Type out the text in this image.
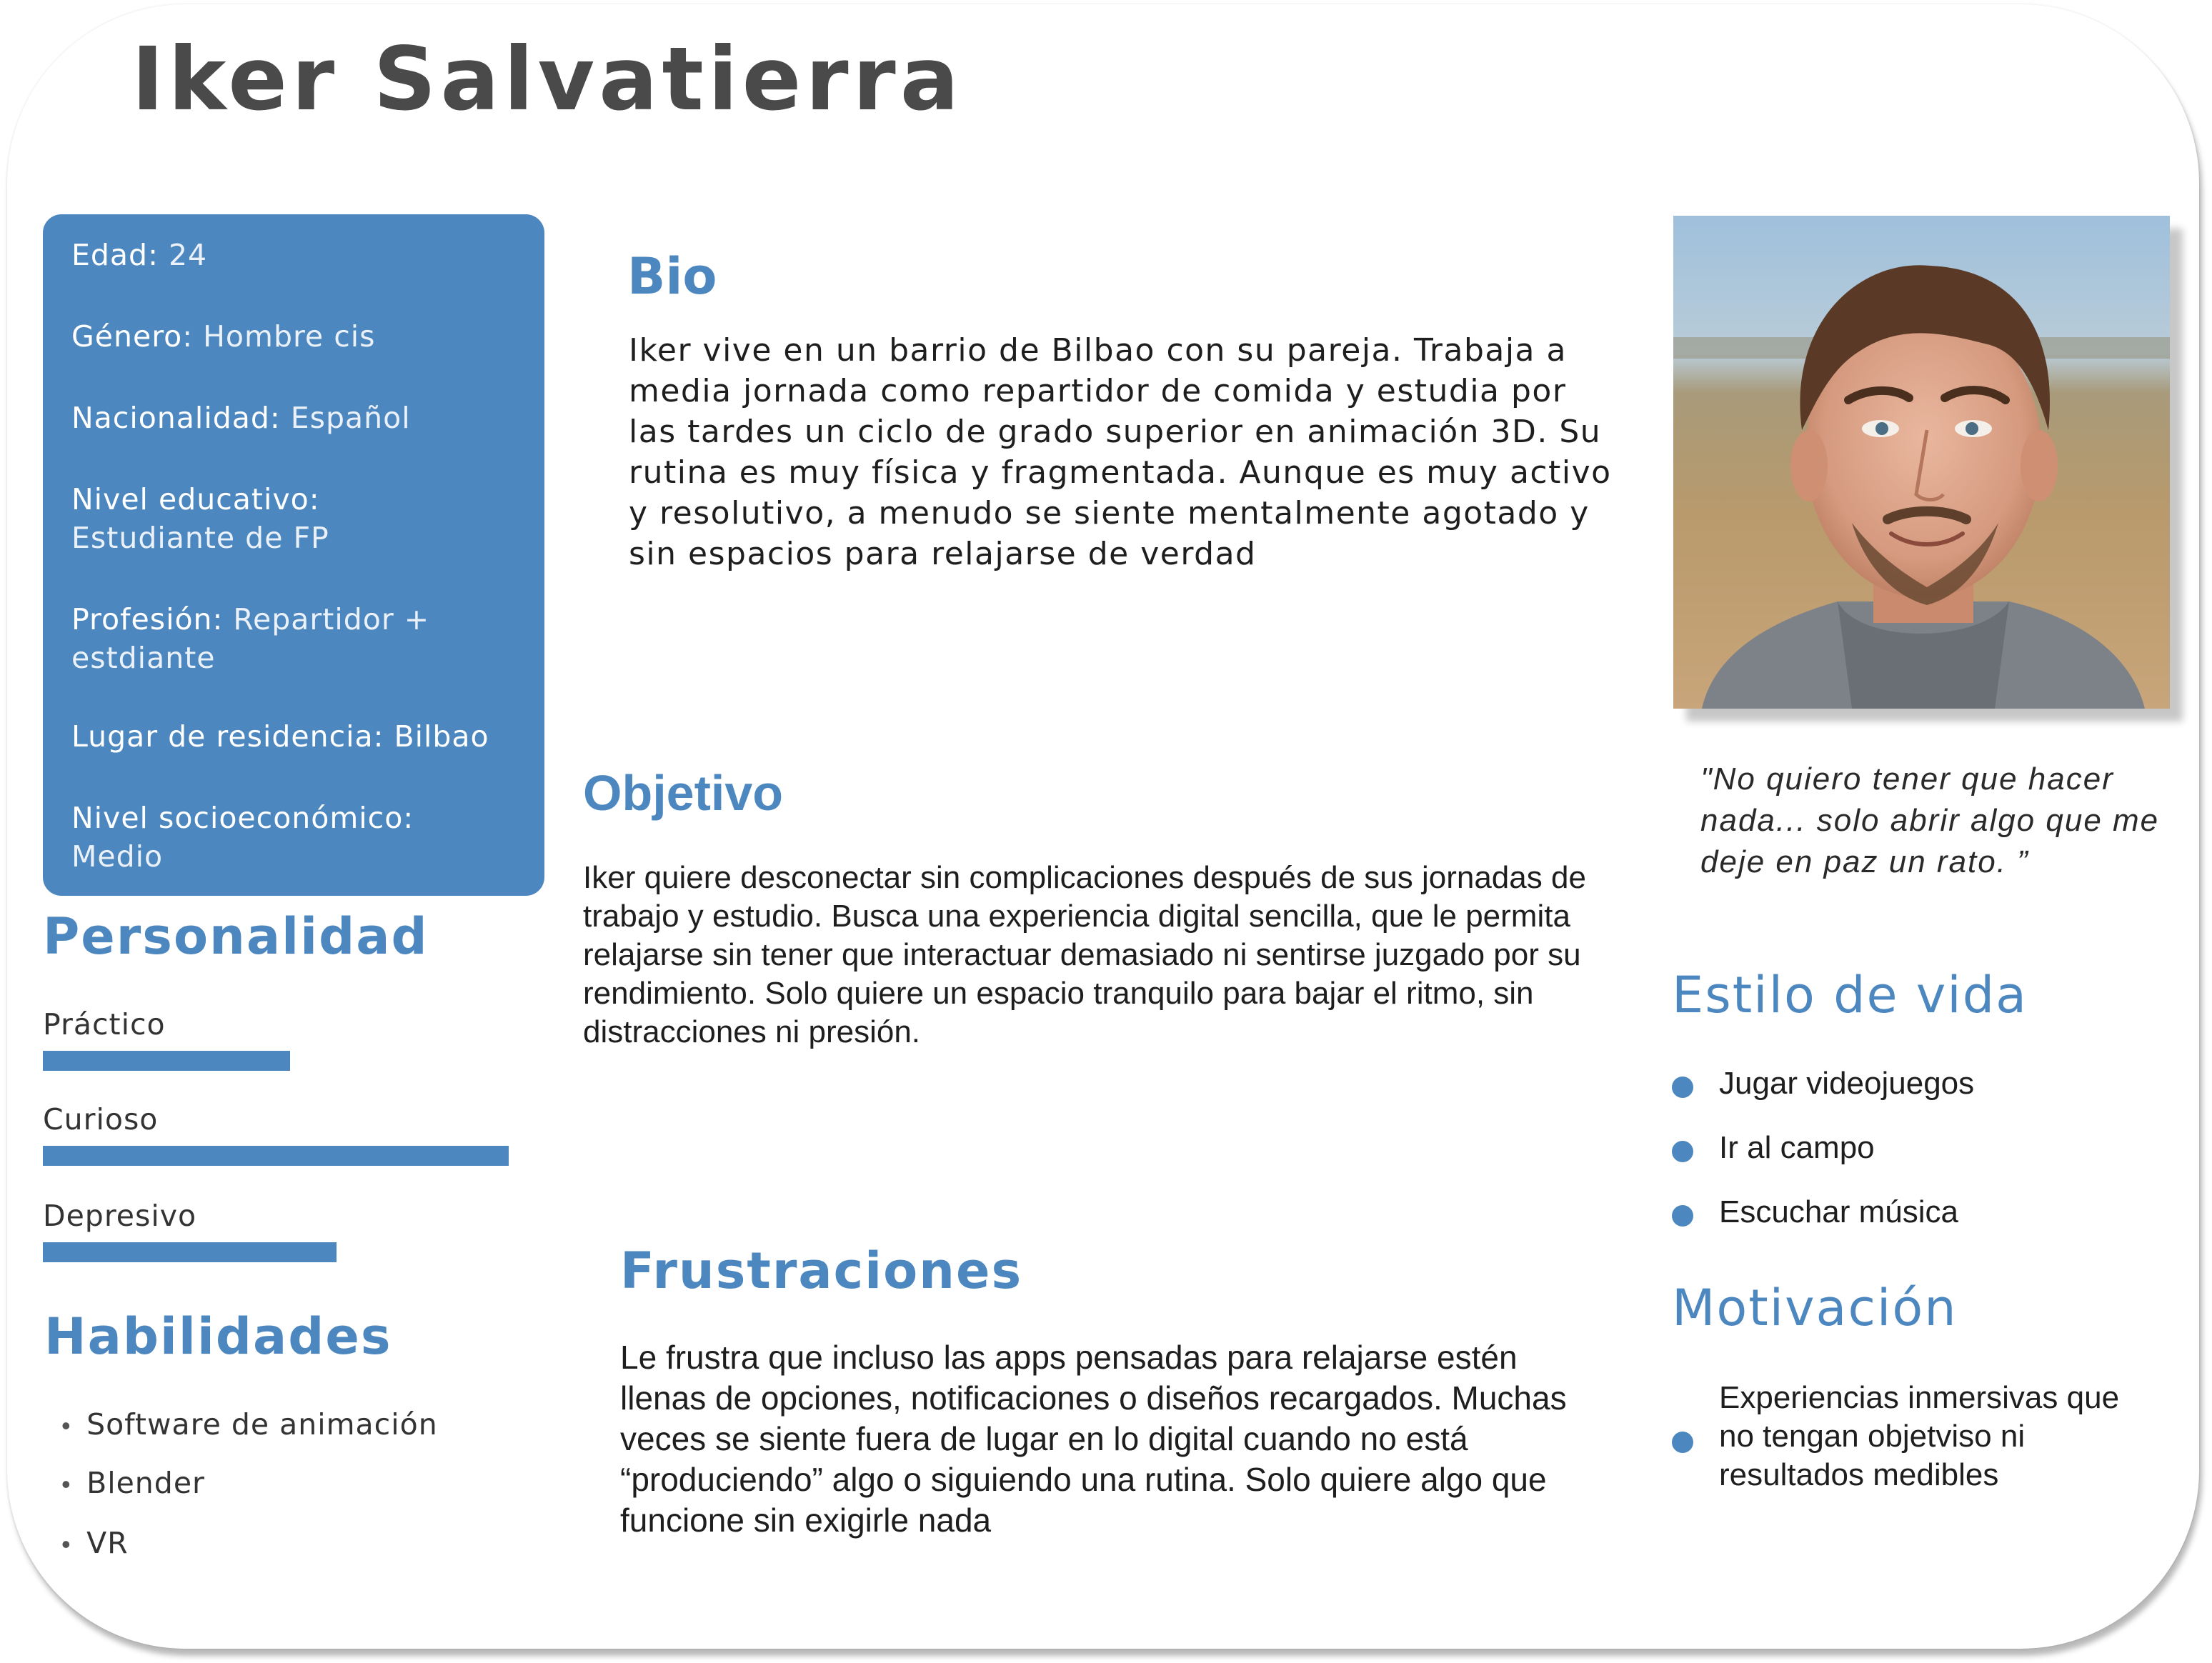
Iker Salvatierra
Edad: 24
Género: Hombre cis
Nacionalidad: Español
Nivel educativo:
Estudiante de FP
Profesión: Repartidor + estdiante
Lugar de residencia: Bilbao
Nivel socioeconómico:
Medio
Personalidad
Práctico
Curioso
Depresivo
Habilidades
• Software de animación
• Blender
• VR
Bio
Iker vive en un barrio de Bilbao con su pareja. Trabaja a
media jornada como repartidor de comida y estudia por
las tardes un ciclo de grado superior en animación 3D. Su
rutina es muy física y fragmentada. Aunque es muy activo
y resolutivo, a menudo se siente mentalmente agotado y
sin espacios para relajarse de verdad
Objetivo
Iker quiere desconectar sin complicaciones después de sus jornadas de
trabajo y estudio. Busca una experiencia digital sencilla, que le permita
relajarse sin tener que interactuar demasiado ni sentirse juzgado por su
rendimiento. Solo quiere un espacio tranquilo para bajar el ritmo, sin
distracciones ni presión.
Frustraciones
Le frustra que incluso las apps pensadas para relajarse estén
llenas de opciones, notificaciones o diseños recargados. Muchas
veces se siente fuera de lugar en lo digital cuando no está
“produciendo” algo o siguiendo una rutina. Solo quiere algo que
funcione sin exigirle nada
"No quiero tener que hacer
nada... solo abrir algo que me
deje en paz un rato. ”
Estilo de vida
Jugar videojuegos
Ir al campo
Escuchar música
Motivación
Experiencias inmersivas que
no tengan objetviso ni
resultados medibles
